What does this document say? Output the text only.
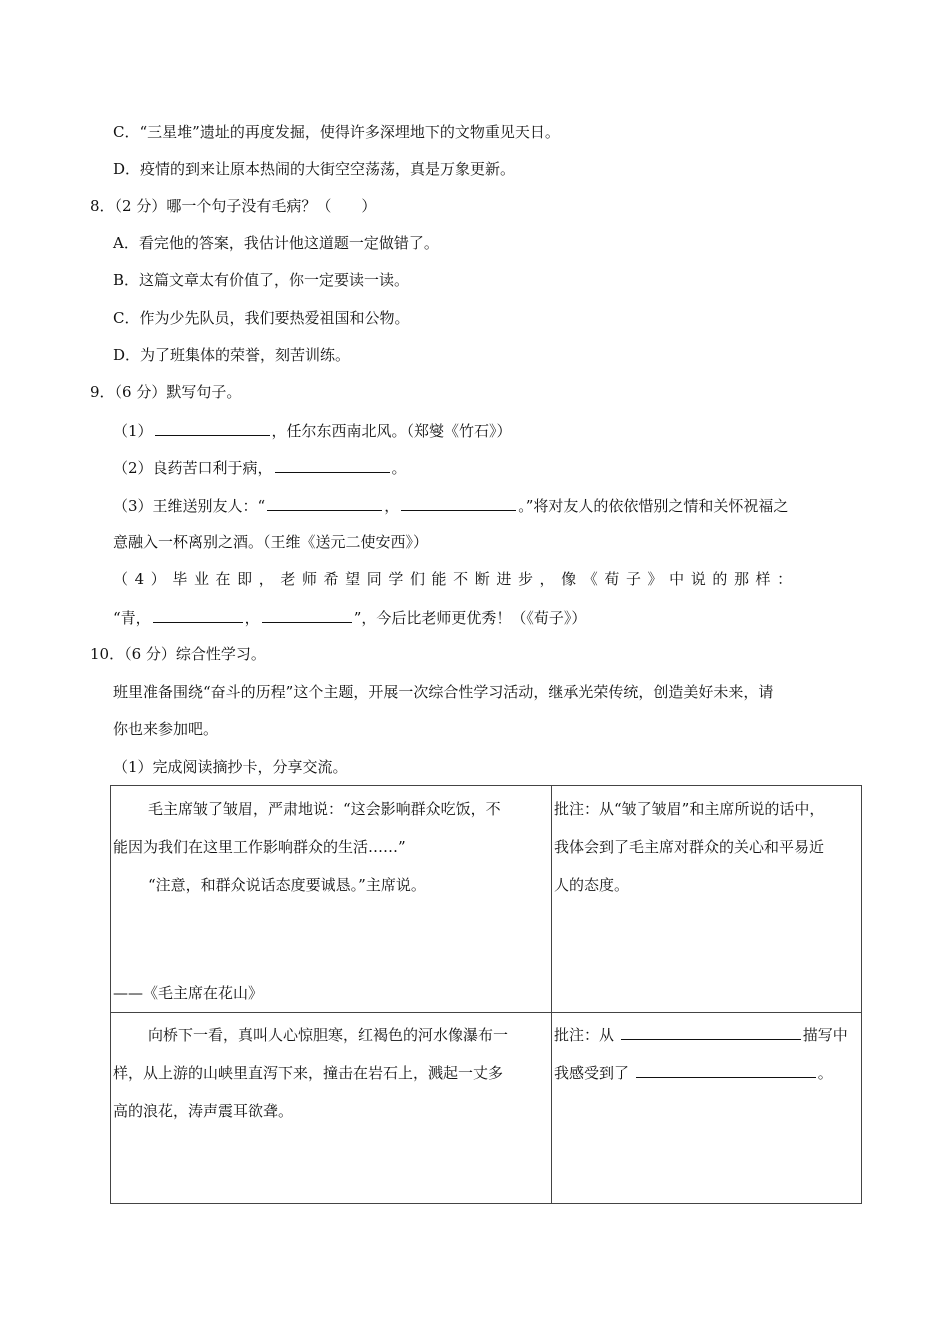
C．“三星堆”遗址的再度发掘，使得许多深埋地下的文物重见天日。
D．疫情的到来让原本热闹的大街空空荡荡，真是万象更新。
8．（2 分）哪一个句子没有毛病？（　　）
A．看完他的答案，我估计他这道题一定做错了。
B．这篇文章太有价值了，你一定要读一读。
C．作为少先队员，我们要热爱祖国和公物。
D．为了班集体的荣誉，刻苦训练。
9．（6 分）默写句子。
（1）	，任尔东西南北风。（郑燮《竹石》）
（2）良药苦口利于病，	。
（3）王维送别友人：“	，	。”将对友人的依依惜别之情和关怀祝福之
意融入一杯离别之酒。（王维《送元二使安西》）
（4）毕业在即，老师希望同学们能不断进步，像《荀子》中说的那样：
“青，	，	”，今后比老师更优秀！（《荀子》）
10．（6 分）综合性学习。
班里准备围绕“奋斗的历程”这个主题，开展一次综合性学习活动，继承光荣传统，创造美好未来，请
你也来参加吧。
（1）完成阅读摘抄卡，分享交流。
毛主席皱了皱眉，严肃地说：“这会影响群众吃饭，不
能因为我们在这里工作影响群众的生活……”
“注意，和群众说话态度要诚恳。”主席说。
——《毛主席在花山》
批注：从“皱了皱眉”和主席所说的话中，
我体会到了毛主席对群众的关心和平易近
人的态度。
向桥下一看，真叫人心惊胆寒，红褐色的河水像瀑布一
样，从上游的山峡里直泻下来，撞击在岩石上，溅起一丈多
高的浪花，涛声震耳欲聋。
批注：从	描写中
我感受到了	。
